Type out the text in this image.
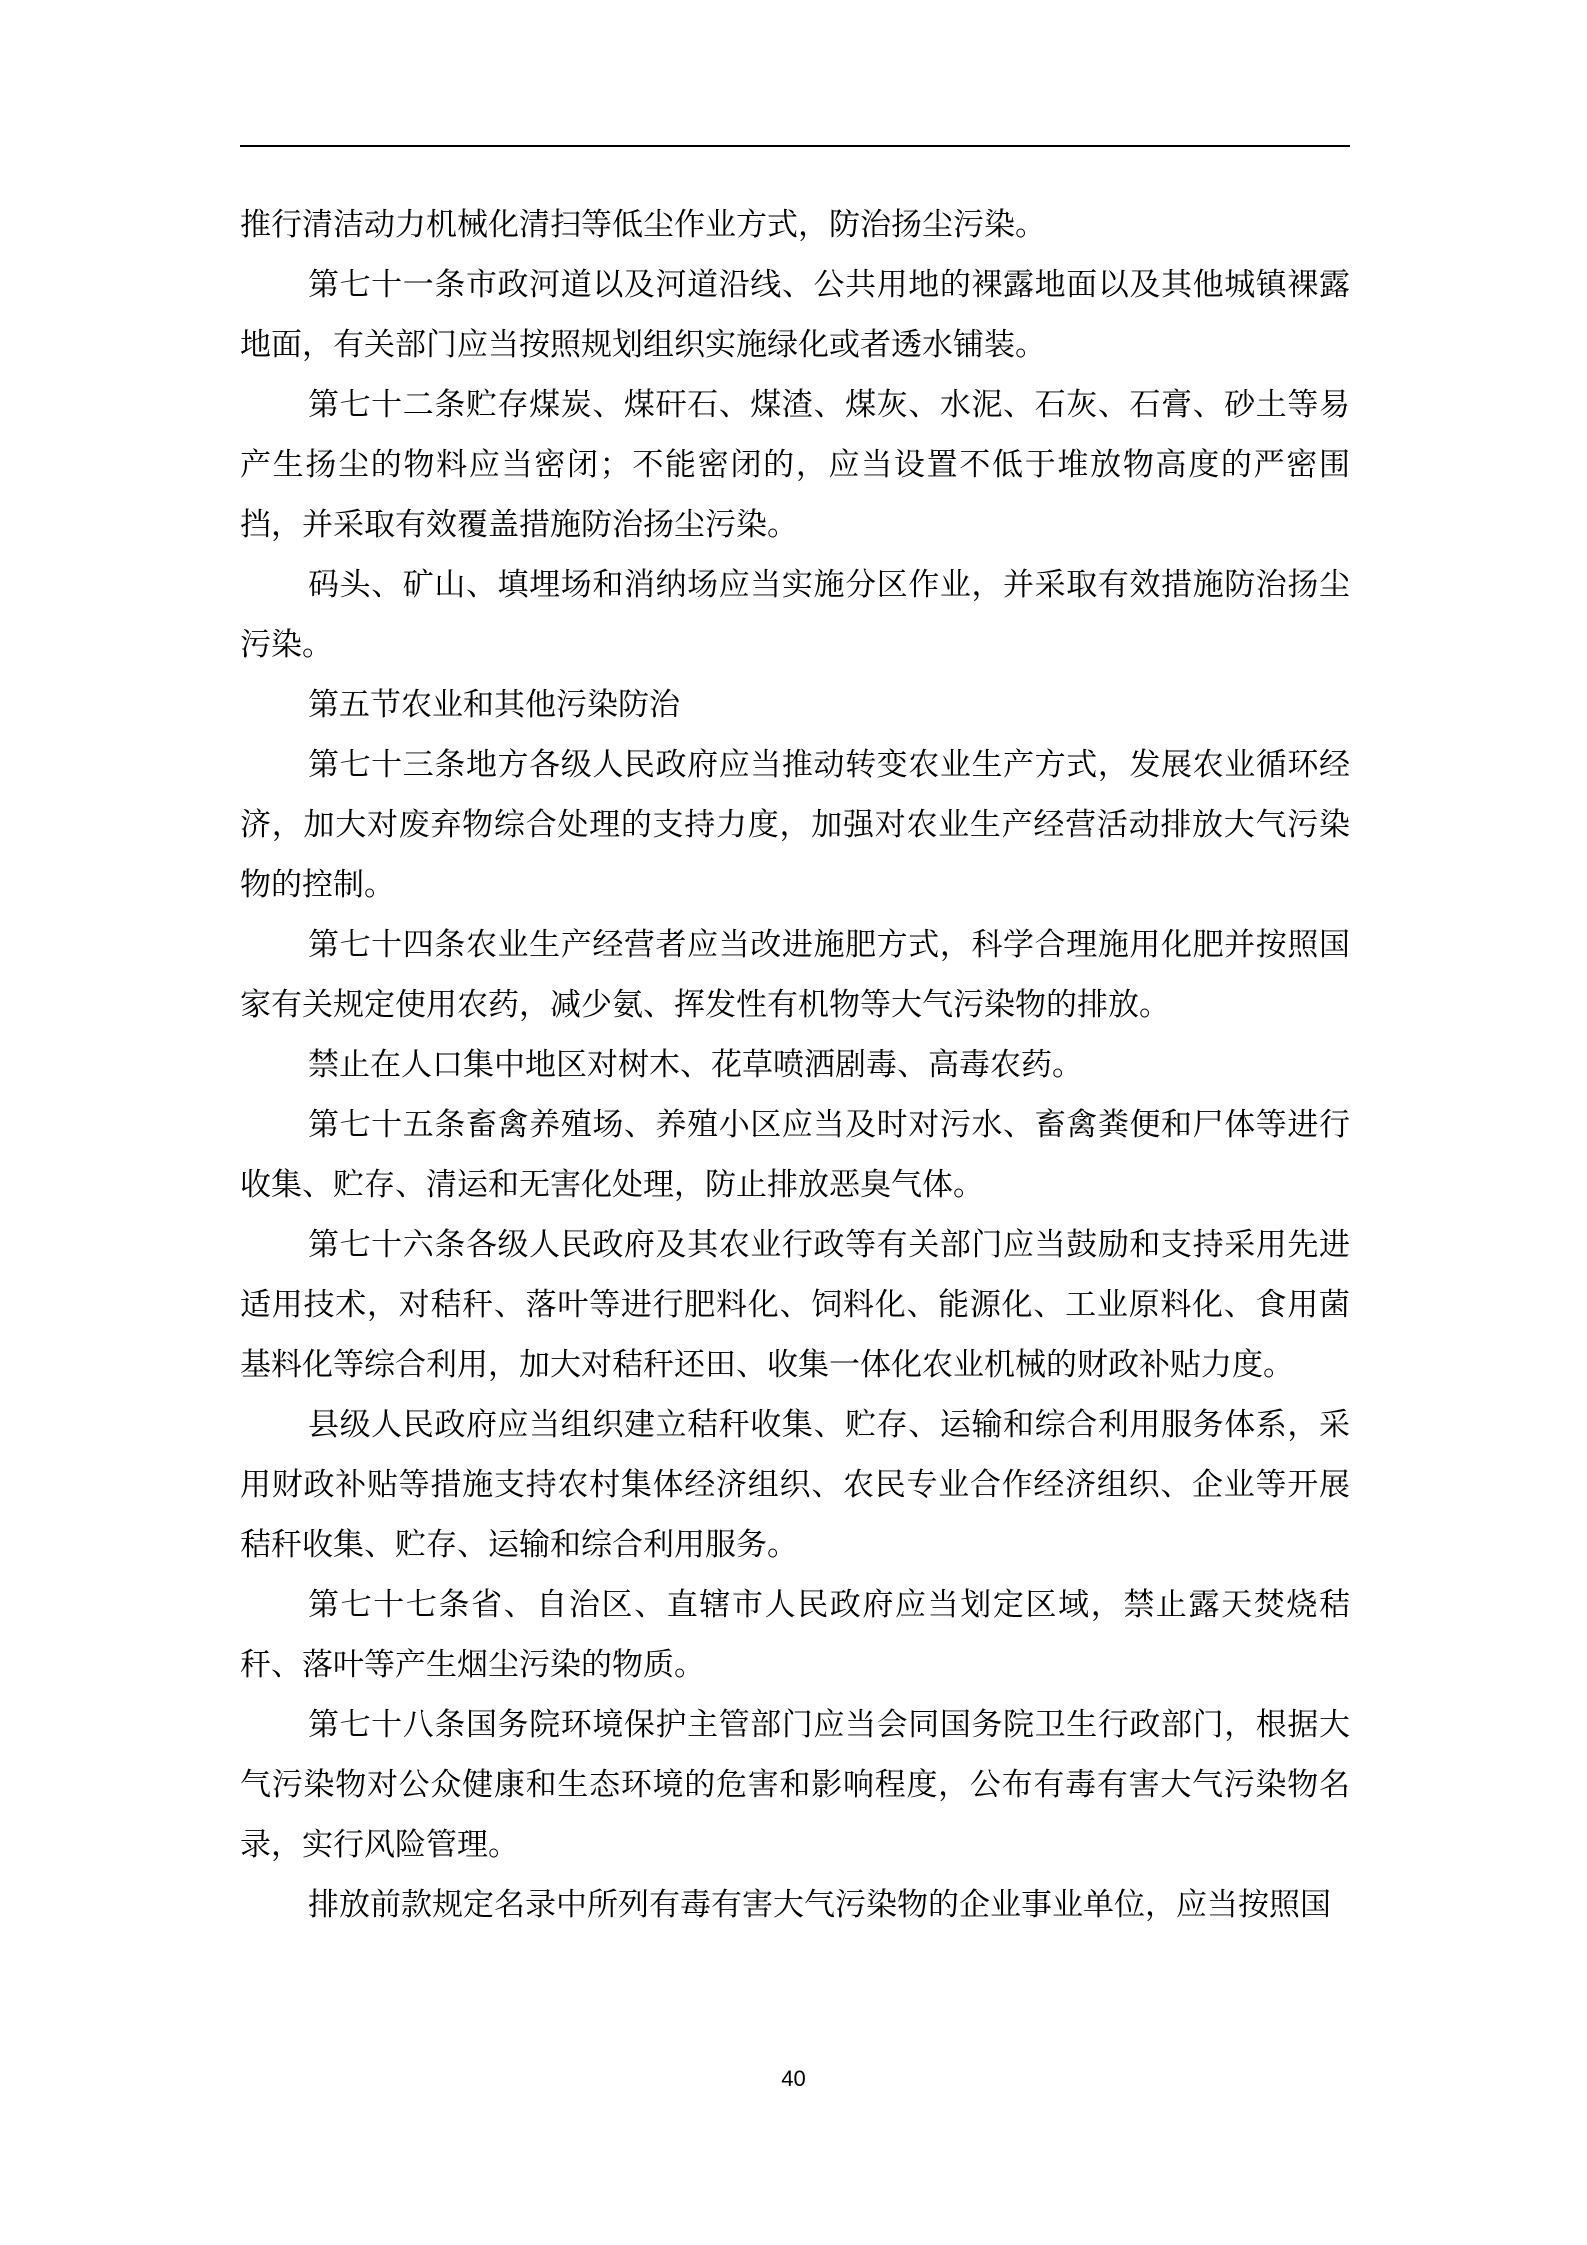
推行清洁动力机械化清扫等低尘作业方式，防治扬尘污染。

第七十一条市政河道以及河道沿线、公共用地的裸露地面以及其他城镇裸露地面，有关部门应当按照规划组织实施绿化或者透水铺装。

第七十二条贮存煤炭、煤矸石、煤渣、煤灰、水泥、石灰、石膏、砂土等易产生扬尘的物料应当密闭；不能密闭的，应当设置不低于堆放物高度的严密围挡，并采取有效覆盖措施防治扬尘污染。

码头、矿山、填埋场和消纳场应当实施分区作业，并采取有效措施防治扬尘污染。

第五节农业和其他污染防治

第七十三条地方各级人民政府应当推动转变农业生产方式，发展农业循环经济，加大对废弃物综合处理的支持力度，加强对农业生产经营活动排放大气污染物的控制。

第七十四条农业生产经营者应当改进施肥方式，科学合理施用化肥并按照国家有关规定使用农药，减少氨、挥发性有机物等大气污染物的排放。

禁止在人口集中地区对树木、花草喷洒剧毒、高毒农药。

第七十五条畜禽养殖场、养殖小区应当及时对污水、畜禽粪便和尸体等进行收集、贮存、清运和无害化处理，防止排放恶臭气体。

第七十六条各级人民政府及其农业行政等有关部门应当鼓励和支持采用先进适用技术，对秸秆、落叶等进行肥料化、饲料化、能源化、工业原料化、食用菌基料化等综合利用，加大对秸秆还田、收集一体化农业机械的财政补贴力度。

县级人民政府应当组织建立秸秆收集、贮存、运输和综合利用服务体系，采用财政补贴等措施支持农村集体经济组织、农民专业合作经济组织、企业等开展秸秆收集、贮存、运输和综合利用服务。

第七十七条省、自治区、直辖市人民政府应当划定区域，禁止露天焚烧秸秆、落叶等产生烟尘污染的物质。

第七十八条国务院环境保护主管部门应当会同国务院卫生行政部门，根据大气污染物对公众健康和生态环境的危害和影响程度，公布有毒有害大气污染物名录，实行风险管理。

排放前款规定名录中所列有毒有害大气污染物的企业事业单位，应当按照国

40
